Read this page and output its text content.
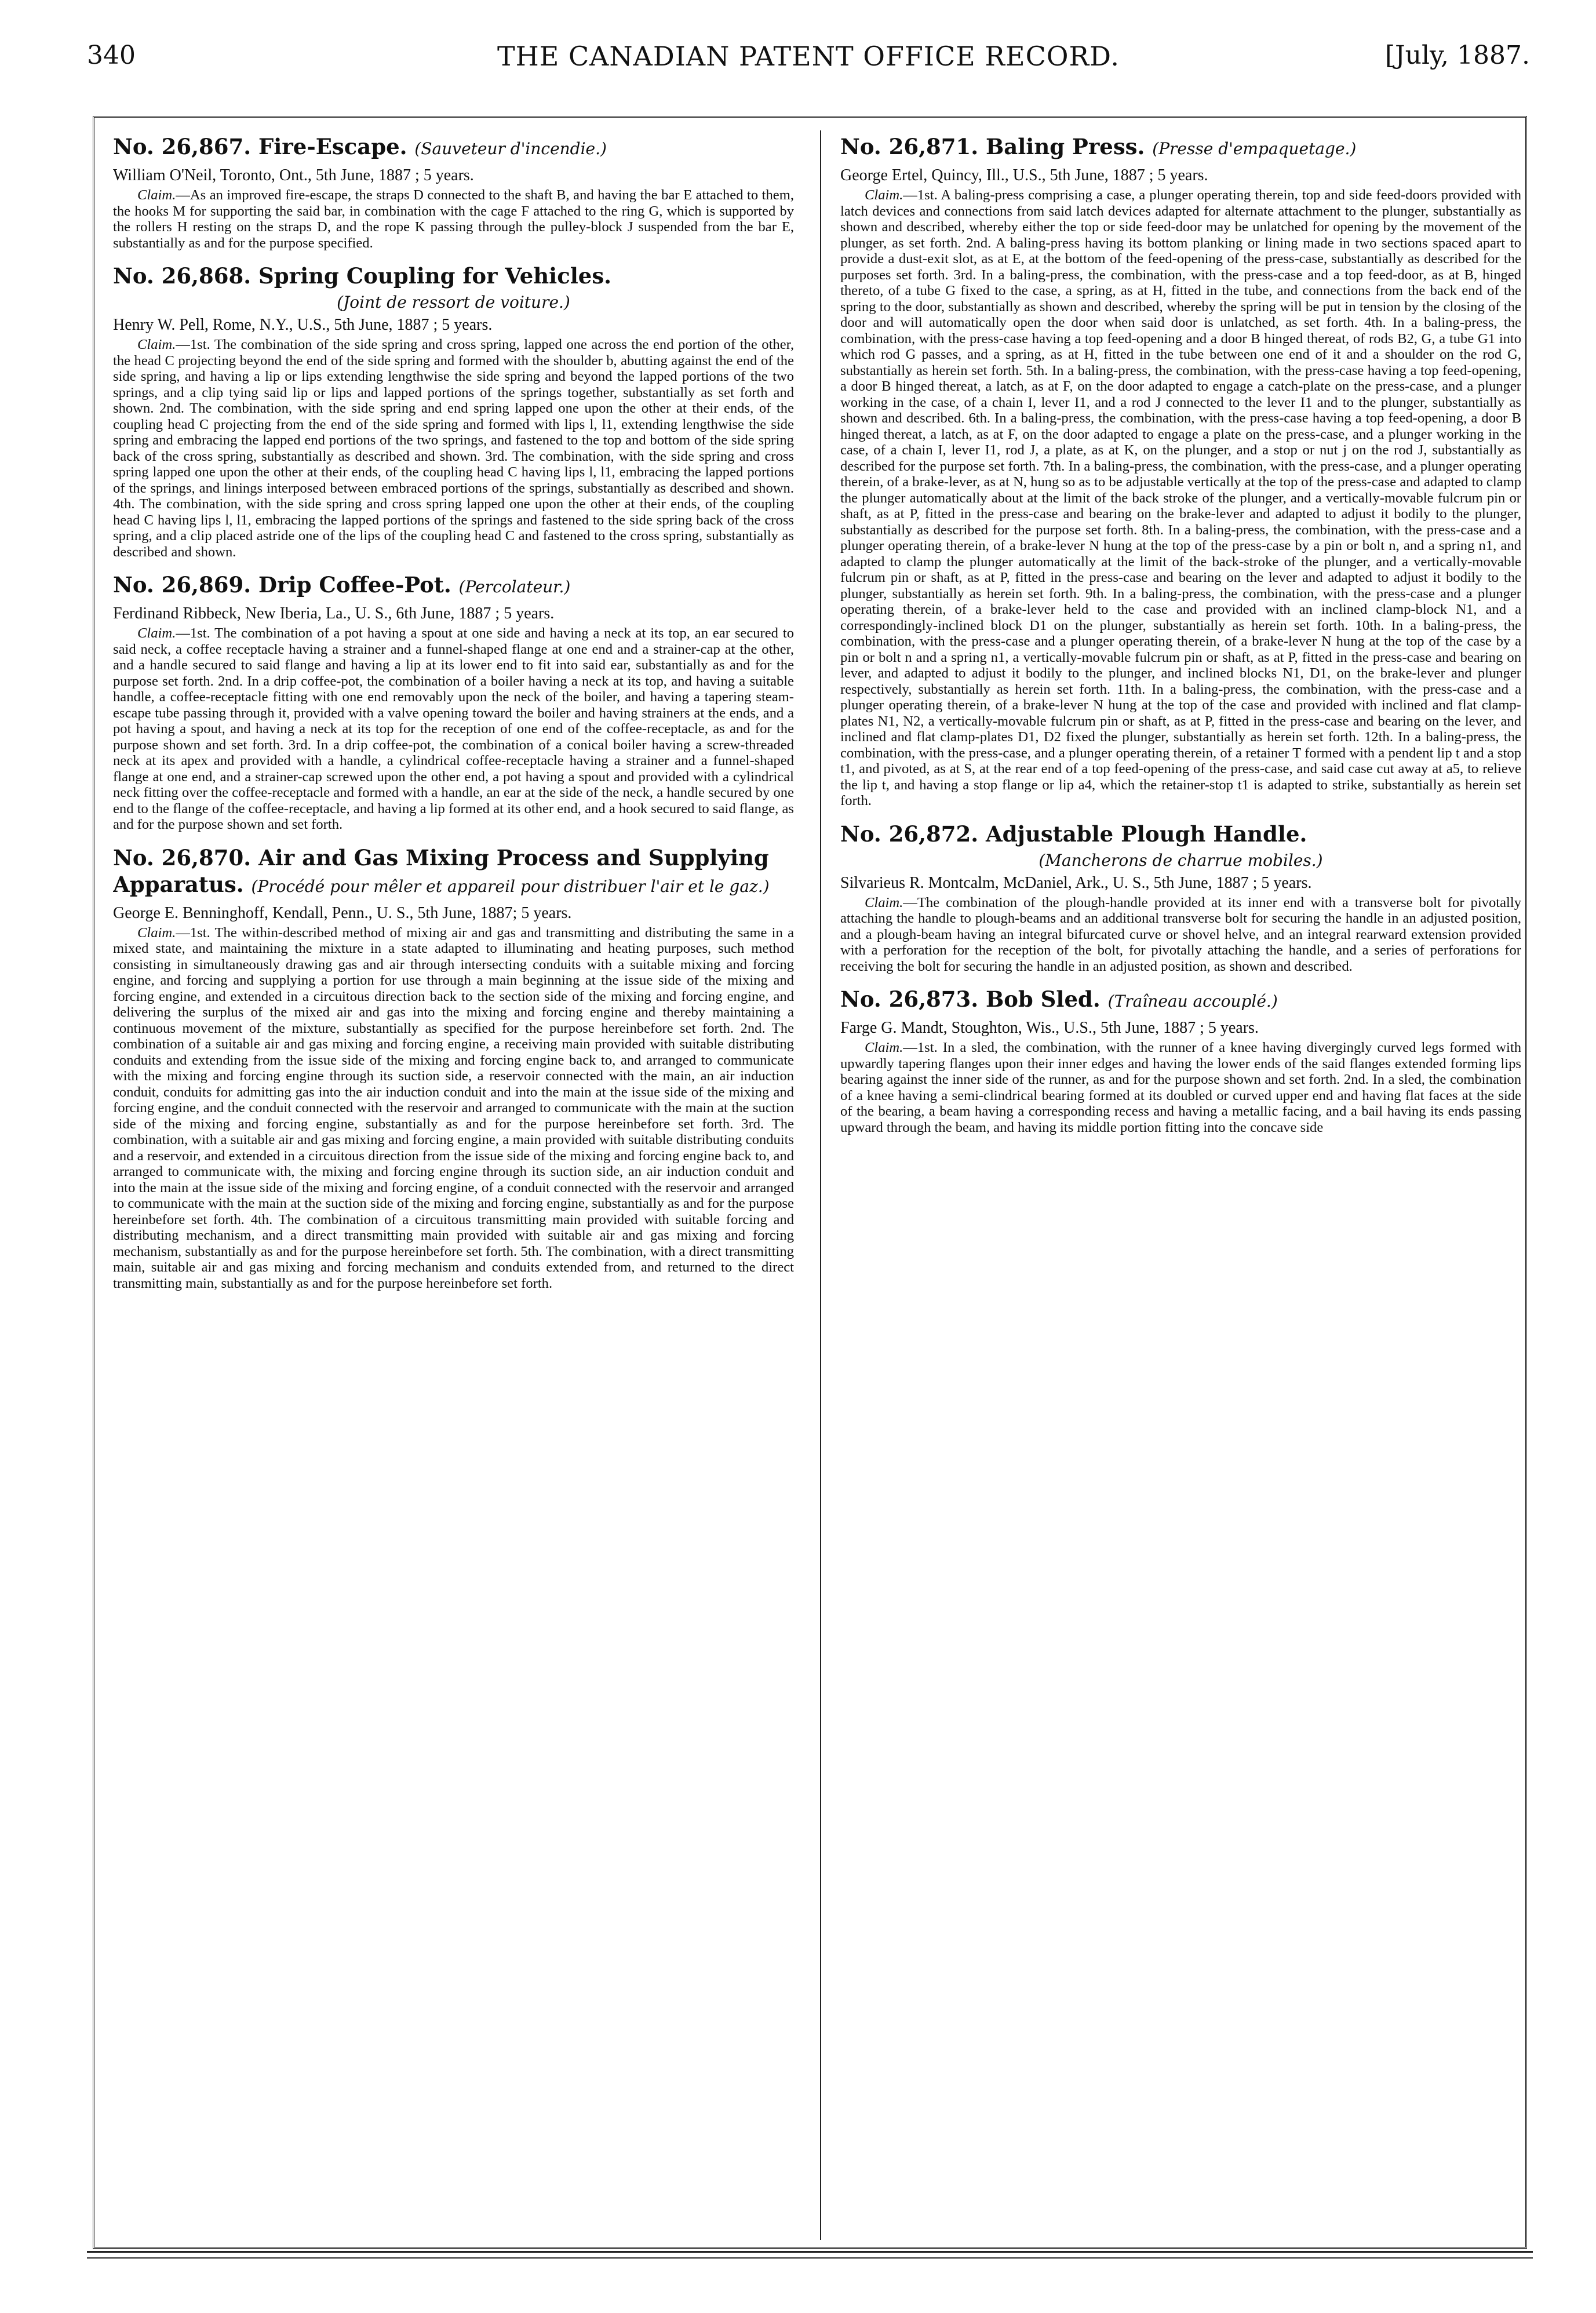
340	THE CANADIAN PATENT OFFICE RECORD.	[July, 1887.
No. 26,867. Fire-Escape. (Sauveteur d'incendie.)
William O'Neil, Toronto, Ont., 5th June, 1887 ; 5 years.

Claim.—As an improved fire-escape, the straps D connected to the shaft B, and having the bar E attached to them, the hooks M for supporting the said bar, in combination with the cage F attached to the ring G, which is supported by the rollers H resting on the straps D, and the rope K passing through the pulley-block J suspended from the bar E, substantially as and for the purpose specified.

No. 26,868. Spring Coupling for Vehicles.
(Joint de ressort de voiture.)
Henry W. Pell, Rome, N.Y., U.S., 5th June, 1887 ; 5 years.

Claim.—1st. The combination of the side spring and cross spring, lapped one across the end portion of the other, the head C projecting beyond the end of the side spring and formed with the shoulder b, abutting against the end of the side spring, and having a lip or lips extending lengthwise the side spring and beyond the lapped portions of the two springs, and a clip tying said lip or lips and lapped portions of the springs together, substantially as set forth and shown. 2nd. The combination, with the side spring and end spring lapped one upon the other at their ends, of the coupling head C projecting from the end of the side spring and formed with lips l, l1, extending lengthwise the side spring and embracing the lapped end portions of the two springs, and fastened to the top and bottom of the side spring back of the cross spring, substantially as described and shown. 3rd. The combination, with the side spring and cross spring lapped one upon the other at their ends, of the coupling head C having lips l, l1, embracing the lapped portions of the springs, and linings interposed between embraced portions of the springs, substantially as described and shown. 4th. The combination, with the side spring and cross spring lapped one upon the other at their ends, of the coupling head C having lips l, l1, embracing the lapped portions of the springs and fastened to the side spring back of the cross spring, and a clip placed astride one of the lips of the coupling head C and fastened to the cross spring, substantially as described and shown.

No. 26,869. Drip Coffee-Pot. (Percolateur.)
Ferdinand Ribbeck, New Iberia, La., U. S., 6th June, 1887 ; 5 years.

Claim.—1st. The combination of a pot having a spout at one side and having a neck at its top, an ear secured to said neck, a coffee receptacle having a strainer and a funnel-shaped flange at one end and a strainer-cap at the other, and a handle secured to said flange and having a lip at its lower end to fit into said ear, substantially as and for the purpose set forth. 2nd. In a drip coffee-pot, the combination of a boiler having a neck at its top, and having a suitable handle, a coffee-receptacle fitting with one end removably upon the neck of the boiler, and having a tapering steam-escape tube passing through it, provided with a valve opening toward the boiler and having strainers at the ends, and a pot having a spout, and having a neck at its top for the reception of one end of the coffee-receptacle, as and for the purpose shown and set forth. 3rd. In a drip coffee-pot, the combination of a conical boiler having a screw-threaded neck at its apex and provided with a handle, a cylindrical coffee-receptacle having a strainer and a funnel-shaped flange at one end, and a strainer-cap screwed upon the other end, a pot having a spout and provided with a cylindrical neck fitting over the coffee-receptacle and formed with a handle, an ear at the side of the neck, a handle secured by one end to the flange of the coffee-receptacle, and having a lip formed at its other end, and a hook secured to said flange, as and for the purpose shown and set forth.

No. 26,870. Air and Gas Mixing Process and Supplying Apparatus. (Procédé pour mêler et appareil pour distribuer l'air et le gaz.)
George E. Benninghoff, Kendall, Penn., U. S., 5th June, 1887; 5 years.

Claim.—1st. The within-described method of mixing air and gas and transmitting and distributing the same in a mixed state, and maintaining the mixture in a state adapted to illuminating and heating purposes, such method consisting in simultaneously drawing gas and air through intersecting conduits with a suitable mixing and forcing engine, and forcing and supplying a portion for use through a main beginning at the issue side of the mixing and forcing engine, and extended in a circuitous direction back to the section side of the mixing and forcing engine, and delivering the surplus of the mixed air and gas into the mixing and forcing engine and thereby maintaining a continuous movement of the mixture, substantially as specified for the purpose hereinbefore set forth. 2nd. The combination of a suitable air and gas mixing and forcing engine, a receiving main provided with suitable distributing conduits and extending from the issue side of the mixing and forcing engine back to, and arranged to communicate with the mixing and forcing engine through its suction side, a reservoir connected with the main, an air induction conduit, conduits for admitting gas into the air induction conduit and into the main at the issue side of the mixing and forcing engine, and the conduit connected with the reservoir and arranged to communicate with the main at the suction side of the mixing and forcing engine, substantially as and for the purpose hereinbefore set forth. 3rd. The combination, with a suitable air and gas mixing and forcing engine, a main provided with suitable distributing conduits and a reservoir, and extended in a circuitous direction from the issue side of the mixing and forcing engine back to, and arranged to communicate with, the mixing and forcing engine through its suction side, an air induction conduit and into the main at the issue side of the mixing and forcing engine, of a conduit connected with the reservoir and arranged to communicate with the main at the suction side of the mixing and forcing engine, substantially as and for the purpose hereinbefore set forth. 4th. The combination of a circuitous transmitting main provided with suitable forcing and distributing mechanism, and a direct transmitting main provided with suitable air and gas mixing and forcing mechanism, substantially as and for the purpose hereinbefore set forth. 5th. The combination, with a direct transmitting main, suitable air and gas mixing and forcing mechanism and conduits extended from, and returned to the direct transmitting main, substantially as and for the purpose hereinbefore set forth.

No. 26,871. Baling Press. (Presse d'empaquetage.)
George Ertel, Quincy, Ill., U.S., 5th June, 1887 ; 5 years.

Claim.—1st. A baling-press comprising a case, a plunger operating therein, top and side feed-doors provided with latch devices and connections from said latch devices adapted for alternate attachment to the plunger, substantially as shown and described, whereby either the top or side feed-door may be unlatched for opening by the movement of the plunger, as set forth. 2nd. A baling-press having its bottom planking or lining made in two sections spaced apart to provide a dust-exit slot, as at E, at the bottom of the feed-opening of the press-case, substantially as described for the purposes set forth. 3rd. In a baling-press, the combination, with the press-case and a top feed-door, as at B, hinged thereto, of a tube G fixed to the case, a spring, as at H, fitted in the tube, and connections from the back end of the spring to the door, substantially as shown and described, whereby the spring will be put in tension by the closing of the door and will automatically open the door when said door is unlatched, as set forth. 4th. In a baling-press, the combination, with the press-case having a top feed-opening and a door B hinged thereat, of rods B2, G, a tube G1 into which rod G passes, and a spring, as at H, fitted in the tube between one end of it and a shoulder on the rod G, substantially as herein set forth. 5th. In a baling-press, the combination, with the press-case having a top feed-opening, a door B hinged thereat, a latch, as at F, on the door adapted to engage a catch-plate on the press-case, and a plunger working in the case, of a chain I, lever I1, and a rod J connected to the lever I1 and to the plunger, substantially as shown and described. 6th. In a baling-press, the combination, with the press-case having a top feed-opening, a door B hinged thereat, a latch, as at F, on the door adapted to engage a plate on the press-case, and a plunger working in the case, of a chain I, lever I1, rod J, a plate, as at K, on the plunger, and a stop or nut j on the rod J, substantially as described for the purpose set forth. 7th. In a baling-press, the combination, with the press-case, and a plunger operating therein, of a brake-lever, as at N, hung so as to be adjustable vertically at the top of the press-case and adapted to clamp the plunger automatically about at the limit of the back stroke of the plunger, and a vertically-movable fulcrum pin or shaft, as at P, fitted in the press-case and bearing on the brake-lever and adapted to adjust it bodily to the plunger, substantially as described for the purpose set forth. 8th. In a baling-press, the combination, with the press-case and a plunger operating therein, of a brake-lever N hung at the top of the press-case by a pin or bolt n, and a spring n1, and adapted to clamp the plunger automatically at the limit of the back-stroke of the plunger, and a vertically-movable fulcrum pin or shaft, as at P, fitted in the press-case and bearing on the lever and adapted to adjust it bodily to the plunger, substantially as herein set forth. 9th. In a baling-press, the combination, with the press-case and a plunger operating therein, of a brake-lever held to the case and provided with an inclined clamp-block N1, and a correspondingly-inclined block D1 on the plunger, substantially as herein set forth. 10th. In a baling-press, the combination, with the press-case and a plunger operating therein, of a brake-lever N hung at the top of the case by a pin or bolt n and a spring n1, a vertically-movable fulcrum pin or shaft, as at P, fitted in the press-case and bearing on lever, and adapted to adjust it bodily to the plunger, and inclined blocks N1, D1, on the brake-lever and plunger respectively, substantially as herein set forth. 11th. In a baling-press, the combination, with the press-case and a plunger operating therein, of a brake-lever N hung at the top of the case and provided with inclined and flat clamp-plates N1, N2, a vertically-movable fulcrum pin or shaft, as at P, fitted in the press-case and bearing on the lever, and inclined and flat clamp-plates D1, D2 fixed the plunger, substantially as herein set forth. 12th. In a baling-press, the combination, with the press-case, and a plunger operating therein, of a retainer T formed with a pendent lip t and a stop t1, and pivoted, as at S, at the rear end of a top feed-opening of the press-case, and said case cut away at a5, to relieve the lip t, and having a stop flange or lip a4, which the retainer-stop t1 is adapted to strike, substantially as herein set forth.

No. 26,872. Adjustable Plough Handle.
(Mancherons de charrue mobiles.)
Silvarieus R. Montcalm, McDaniel, Ark., U. S., 5th June, 1887 ; 5 years.

Claim.—The combination of the plough-handle provided at its inner end with a transverse bolt for pivotally attaching the handle to plough-beams and an additional transverse bolt for securing the handle in an adjusted position, and a plough-beam having an integral bifurcated curve or shovel helve, and an integral rearward extension provided with a perforation for the reception of the bolt, for pivotally attaching the handle, and a series of perforations for receiving the bolt for securing the handle in an adjusted position, as shown and described.

No. 26,873. Bob Sled. (Traîneau accouplé.)
Farge G. Mandt, Stoughton, Wis., U.S., 5th June, 1887 ; 5 years.

Claim.—1st. In a sled, the combination, with the runner of a knee having divergingly curved legs formed with upwardly tapering flanges upon their inner edges and having the lower ends of the said flanges extended forming lips bearing against the inner side of the runner, as and for the purpose shown and set forth. 2nd. In a sled, the combination of a knee having a semi-clindrical bearing formed at its doubled or curved upper end and having flat faces at the side of the bearing, a beam having a corresponding recess and having a metallic facing, and a bail having its ends passing upward through the beam, and having its middle portion fitting into the concave side
